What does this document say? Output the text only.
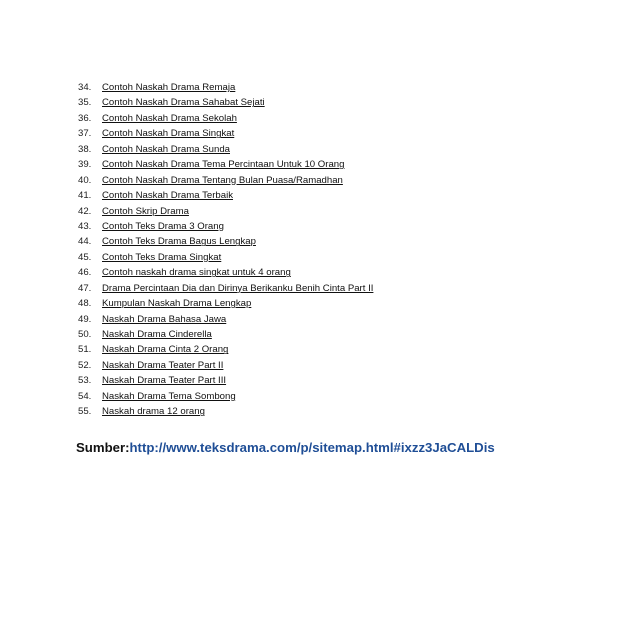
34.	Contoh Naskah Drama Remaja
35.	Contoh Naskah Drama Sahabat Sejati
36.	Contoh Naskah Drama Sekolah
37.	Contoh Naskah Drama Singkat
38.	Contoh Naskah Drama Sunda
39.	Contoh Naskah Drama Tema Percintaan Untuk 10 Orang
40.	Contoh Naskah Drama Tentang Bulan Puasa/Ramadhan
41.	Contoh Naskah Drama Terbaik
42.	Contoh Skrip Drama
43.	Contoh Teks Drama 3 Orang
44.	Contoh Teks Drama Bagus Lengkap
45.	Contoh Teks Drama Singkat
46.	Contoh naskah drama singkat untuk 4 orang
47.	Drama Percintaan Dia dan Dirinya Berikanku Benih Cinta Part II
48.	Kumpulan Naskah Drama Lengkap
49.	Naskah Drama Bahasa Jawa
50.	Naskah Drama Cinderella
51.	Naskah Drama Cinta 2 Orang
52.	Naskah Drama Teater Part II
53.	Naskah Drama Teater Part III
54.	Naskah Drama Tema Sombong
55.	Naskah drama 12 orang
Sumber:http://www.teksdrama.com/p/sitemap.html#ixzz3JaCALDis
